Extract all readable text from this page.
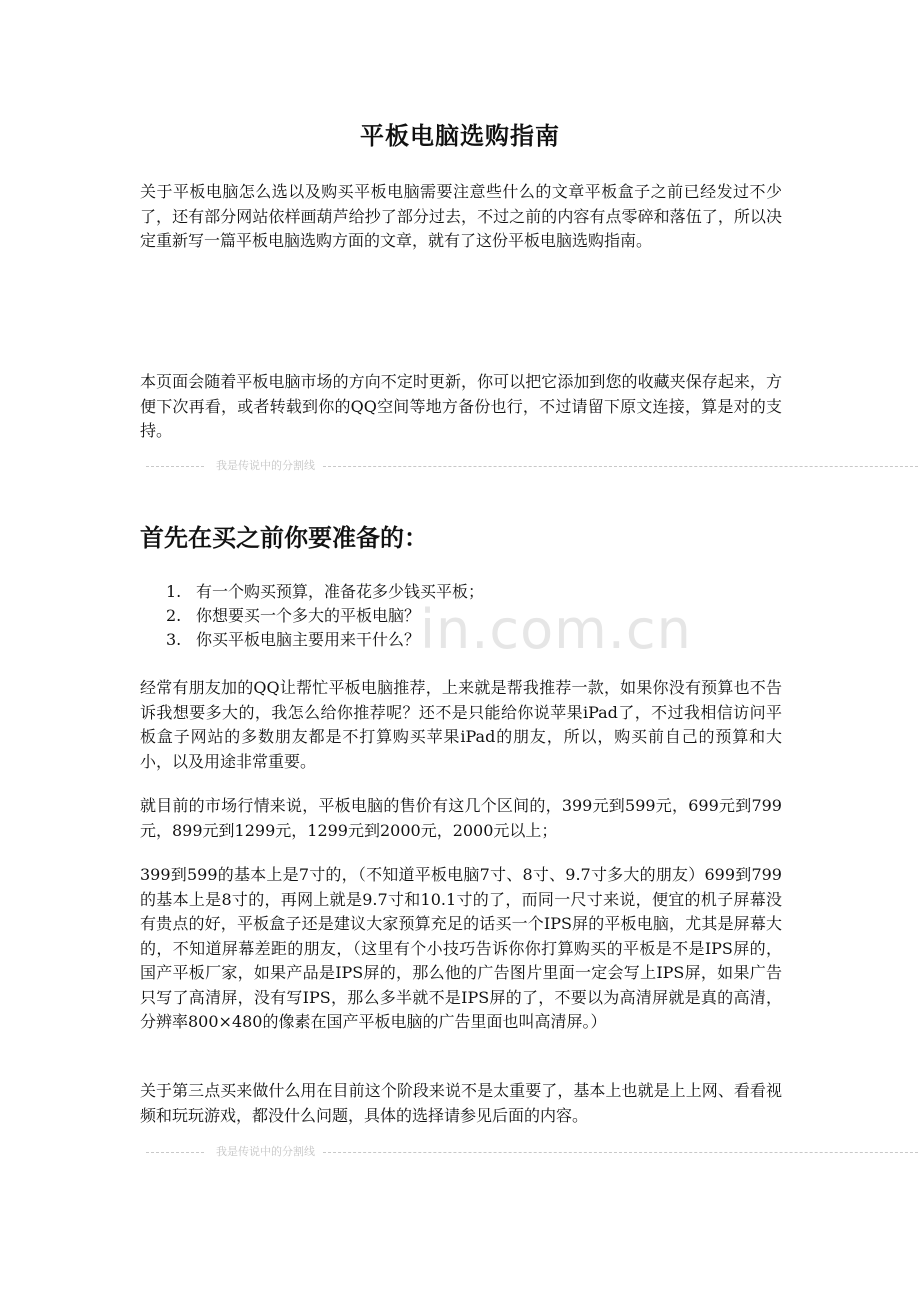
in.com.cn
平板电脑选购指南

关于平板电脑怎么选以及购买平板电脑需要注意些什么的文章平板盒子之前已经发过不少了，还有部分网站依样画葫芦给抄了部分过去，不过之前的内容有点零碎和落伍了，所以决定重新写一篇平板电脑选购方面的文章，就有了这份平板电脑选购指南。

本页面会随着平板电脑市场的方向不定时更新，你可以把它添加到您的收藏夹保存起来，方便下次再看，或者转载到你的QQ空间等地方备份也行，不过请留下原文连接，算是对的支持。

我是传说中的分割线
首先在买之前你要准备的：
1. 有一个购买预算，准备花多少钱买平板；
2. 你想要买一个多大的平板电脑？
3. 你买平板电脑主要用来干什么？

经常有朋友加的QQ让帮忙平板电脑推荐，上来就是帮我推荐一款，如果你没有预算也不告诉我想要多大的，我怎么给你推荐呢？还不是只能给你说苹果iPad了，不过我相信访问平板盒子网站的多数朋友都是不打算购买苹果iPad的朋友，所以，购买前自己的预算和大小，以及用途非常重要。

就目前的市场行情来说，平板电脑的售价有这几个区间的，399元到599元，699元到799元，899元到1299元，1299元到2000元，2000元以上；

399到599的基本上是7寸的，（不知道平板电脑7寸、8寸、9.7寸多大的朋友）699到799的基本上是8寸的，再网上就是9.7寸和10.1寸的了，而同一尺寸来说，便宜的机子屏幕没有贵点的好，平板盒子还是建议大家预算充足的话买一个IPS屏的平板电脑，尤其是屏幕大的，不知道屏幕差距的朋友，（这里有个小技巧告诉你你打算购买的平板是不是IPS屏的，国产平板厂家，如果产品是IPS屏的，那么他的广告图片里面一定会写上IPS屏，如果广告只写了高清屏，没有写IPS，那么多半就不是IPS屏的了，不要以为高清屏就是真的高清，分辨率800×480的像素在国产平板电脑的广告里面也叫高清屏。）

关于第三点买来做什么用在目前这个阶段来说不是太重要了，基本上也就是上上网、看看视频和玩玩游戏，都没什么问题，具体的选择请参见后面的内容。

我是传说中的分割线
